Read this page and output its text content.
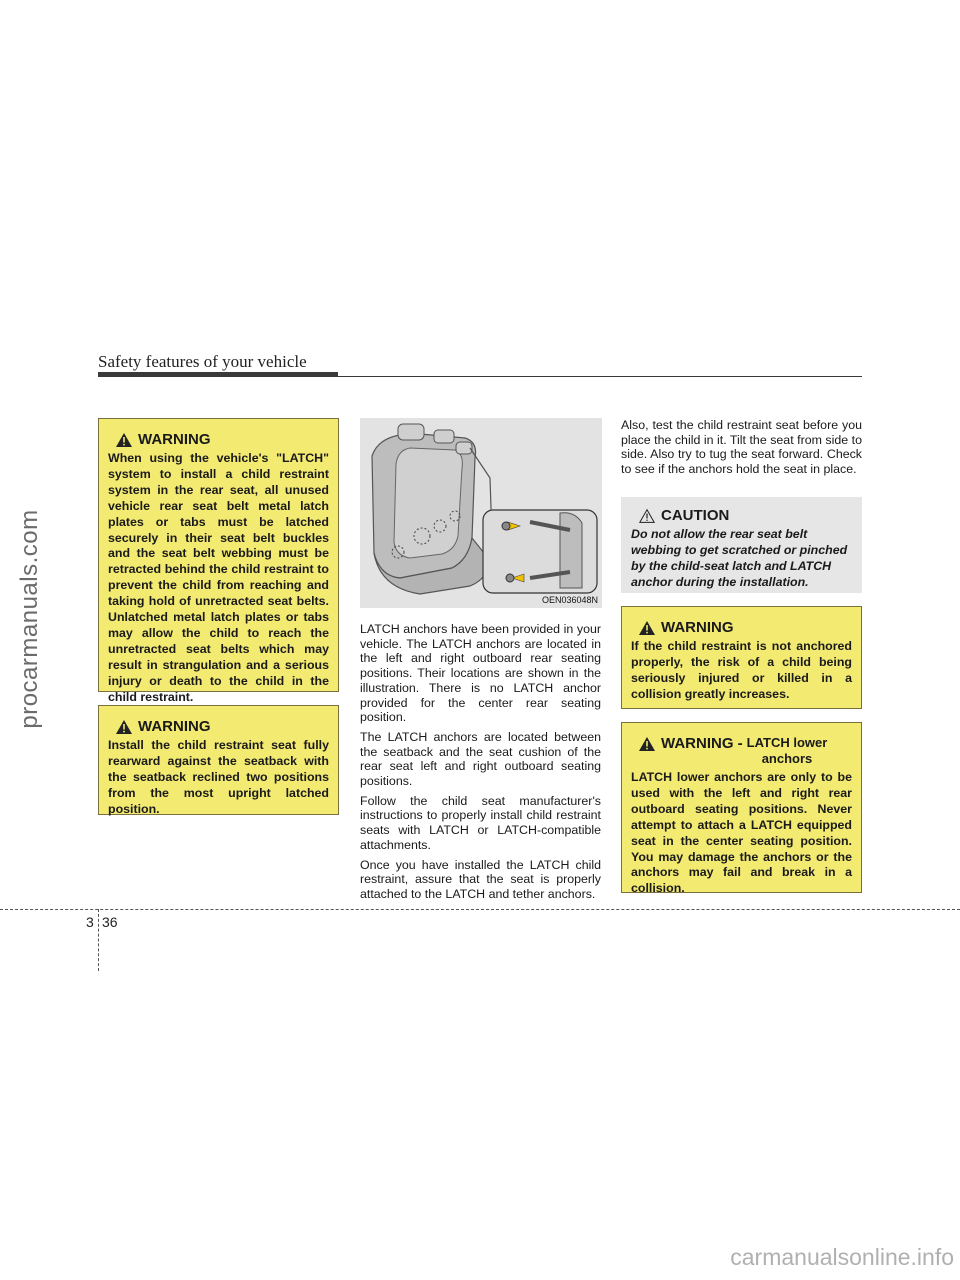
Safety features of your vehicle
procarmanuals.com
WARNING
When using the vehicle's "LATCH" system to install a child restraint system in the rear seat, all unused vehicle rear seat belt metal latch plates or tabs must be latched securely in their seat belt buckles and the seat belt webbing must be retracted behind the child restraint to prevent the child from reaching and taking hold of unretracted seat belts. Unlatched metal latch plates or tabs may allow the child to reach the unretracted seat belts which may result in strangulation and a serious injury or death to the child in the child restraint.
WARNING
Install the child restraint seat fully rearward against the seatback with the seatback reclined two positions from the most upright latched position.
OEN036048N

LATCH anchors have been provided in your vehicle. The LATCH anchors are located in the left and right outboard rear seating positions. Their locations are shown in the illustration. There is no LATCH anchor provided for the center rear seating position.

The LATCH anchors are located between the seatback and the seat cushion of the rear seat left and right outboard seating positions.

Follow the child seat manufacturer's instructions to properly install child restraint seats with LATCH or LATCH-compatible attachments.

Once you have installed the LATCH child restraint, assure that the seat is properly attached to the LATCH and tether anchors.

Also, test the child restraint seat before you place the child in it. Tilt the seat from side to side. Also try to tug the seat forward. Check to see if the anchors hold the seat in place.

CAUTION
Do not allow the rear seat belt webbing to get scratched or pinched by the child-seat latch and LATCH anchor during the installation.
WARNING
If the child restraint is not anchored properly, the risk of a child being seriously injured or killed in a collision greatly increases.
WARNING - LATCH lower
anchors
LATCH lower anchors are only to be used with the left and right rear outboard seating positions. Never attempt to attach a LATCH equipped seat in the center seating position. You may damage the anchors or the anchors may fail and break in a collision.
3 36
carmanualsonline.info
